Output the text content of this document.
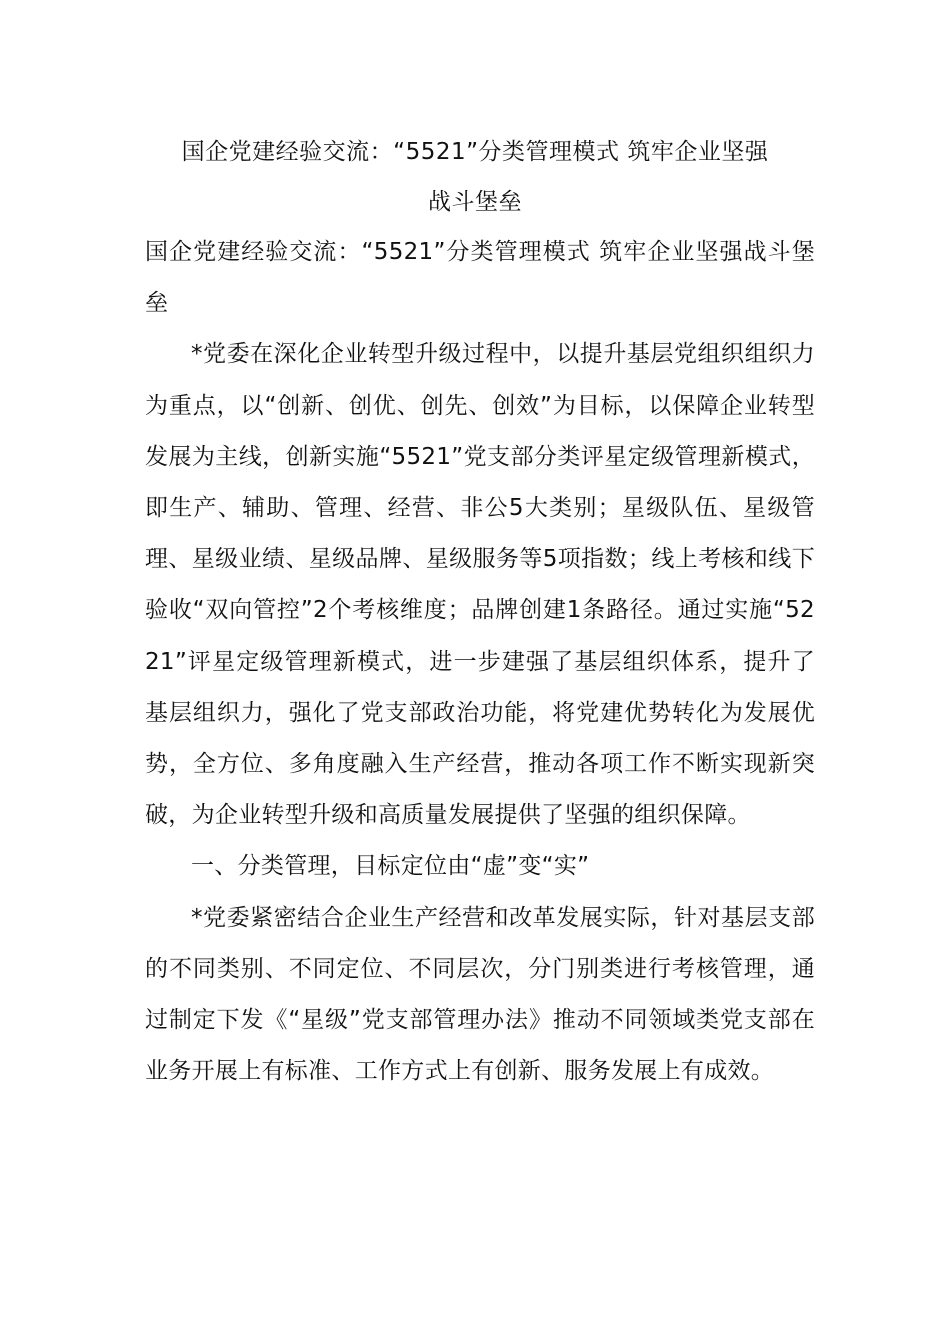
国企党建经验交流：“5521”分类管理模式 筑牢企业坚强
战斗堡垒

国企党建经验交流：“5521”分类管理模式 筑牢企业坚强战斗堡垒

*党委在深化企业转型升级过程中，以提升基层党组织组织力为重点，以“创新、创优、创先、创效”为目标，以保障企业转型发展为主线，创新实施“5521”党支部分类评星定级管理新模式，即生产、辅助、管理、经营、非公5大类别；星级队伍、星级管理、星级业绩、星级品牌、星级服务等5项指数；线上考核和线下验收“双向管控”2个考核维度；品牌创建1条路径。通过实施“5221”评星定级管理新模式，进一步建强了基层组织体系，提升了基层组织力，强化了党支部政治功能，将党建优势转化为发展优势，全方位、多角度融入生产经营，推动各项工作不断实现新突破，为企业转型升级和高质量发展提供了坚强的组织保障。

一、分类管理，目标定位由“虚”变“实”

*党委紧密结合企业生产经营和改革发展实际，针对基层支部的不同类别、不同定位、不同层次，分门别类进行考核管理，通过制定下发《“星级”党支部管理办法》推动不同领域类党支部在业务开展上有标准、工作方式上有创新、服务发展上有成效。
